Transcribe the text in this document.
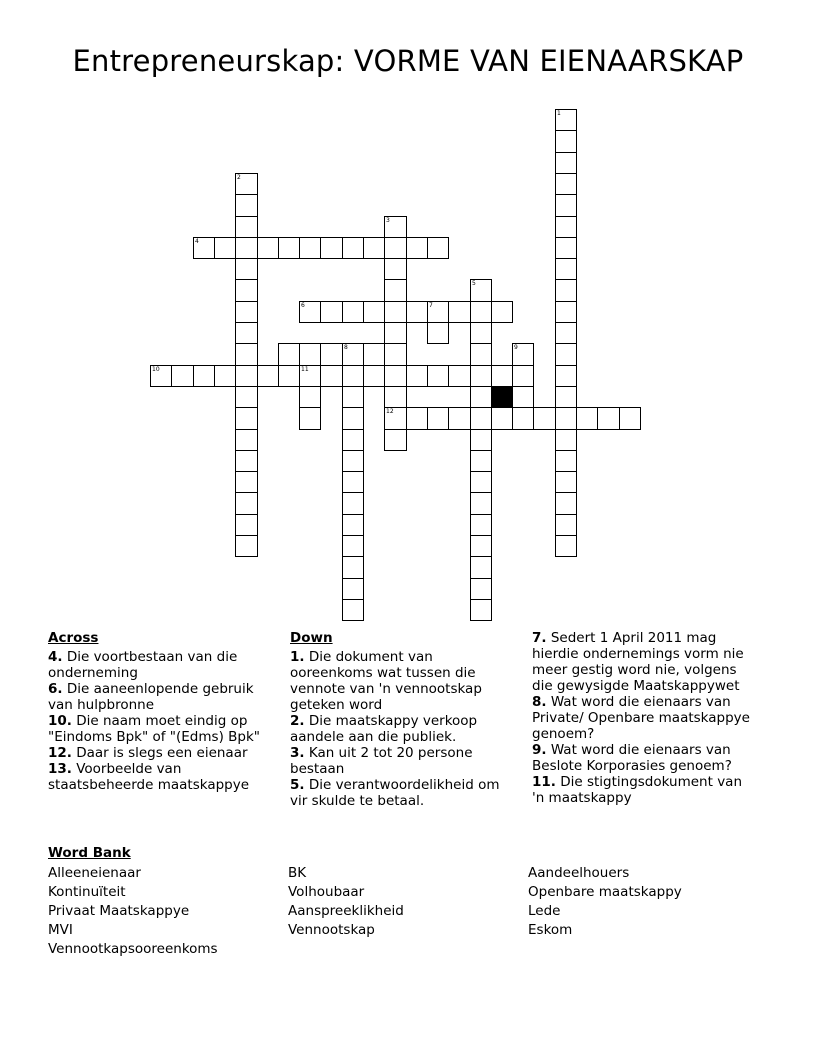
Entrepreneurskap: VORME VAN EIENAARSKAP
4
6	7
10	11
12
8
1
2
3
5
9
Across
4. Die voortbestaan van die onderneming
6. Die aaneenlopende gebruik van hulpbronne
10. Die naam moet eindig op "Eindoms Bpk" of "(Edms) Bpk"
12. Daar is slegs een eienaar
13. Voorbeelde van staatsbeheerde maatskappye
Down
1. Die dokument van ooreenkoms wat tussen die vennote van 'n vennootskap geteken word
2. Die maatskappy verkoop aandele aan die publiek.
3. Kan uit 2 tot 20 persone bestaan
5. Die verantwoordelikheid om vir skulde te betaal.
7. Sedert 1 April 2011 mag hierdie ondernemings vorm nie meer gestig word nie, volgens die gewysigde Maatskappywet
8. Wat word die eienaars van Private/ Openbare maatskappye genoem?
9. Wat word die eienaars van Beslote Korporasies genoem?
11. Die stigtingsdokument van 'n maatskappy
Word Bank
Alleeneienaar
Kontinuïteit
Privaat Maatskappye
MVI
Vennootkapsooreenkoms
BK
Volhoubaar
Aanspreeklikheid
Vennootskap
Aandeelhouers
Openbare maatskappy
Lede
Eskom
